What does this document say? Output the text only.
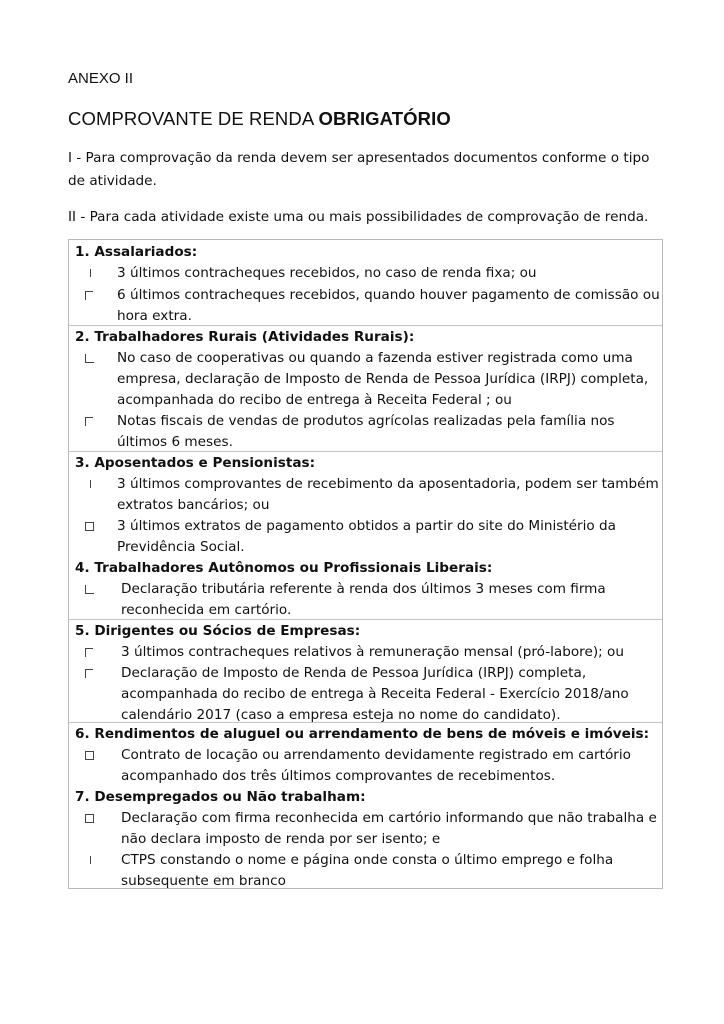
ANEXO II
COMPROVANTE DE RENDA OBRIGATÓRIO
I - Para comprovação da renda devem ser apresentados documentos conforme o tipo de atividade.
II - Para cada atividade existe uma ou mais possibilidades de comprovação de renda.
1. Assalariados:
3 últimos contracheques recebidos, no caso de renda fixa; ou
6 últimos contracheques recebidos, quando houver pagamento de comissão ou hora extra.
2. Trabalhadores Rurais (Atividades Rurais):
No caso de cooperativas ou quando a fazenda estiver registrada como uma empresa, declaração de Imposto de Renda de Pessoa Jurídica (IRPJ) completa, acompanhada do recibo de entrega à Receita Federal ; ou
Notas fiscais de vendas de produtos agrícolas realizadas pela família nos últimos 6 meses.
3. Aposentados e Pensionistas:
3 últimos comprovantes de recebimento da aposentadoria, podem ser também extratos bancários; ou
3 últimos extratos de pagamento obtidos a partir do site do Ministério da Previdência Social.
4. Trabalhadores Autônomos ou Profissionais Liberais:
Declaração tributária referente à renda dos últimos 3 meses com firma reconhecida em cartório.
5. Dirigentes ou Sócios de Empresas:
3 últimos contracheques relativos à remuneração mensal (pró-labore); ou
Declaração de Imposto de Renda de Pessoa Jurídica (IRPJ) completa, acompanhada do recibo de entrega à Receita Federal - Exercício 2018/ano calendário 2017 (caso a empresa esteja no nome do candidato).
6. Rendimentos de aluguel ou arrendamento de bens de móveis e imóveis:
Contrato de locação ou arrendamento devidamente registrado em cartório acompanhado dos três últimos comprovantes de recebimentos.
7. Desempregados ou Não trabalham:
Declaração com firma reconhecida em cartório informando que não trabalha e não declara imposto de renda por ser isento; e
CTPS constando o nome e página onde consta o último emprego e folha subsequente em branco
